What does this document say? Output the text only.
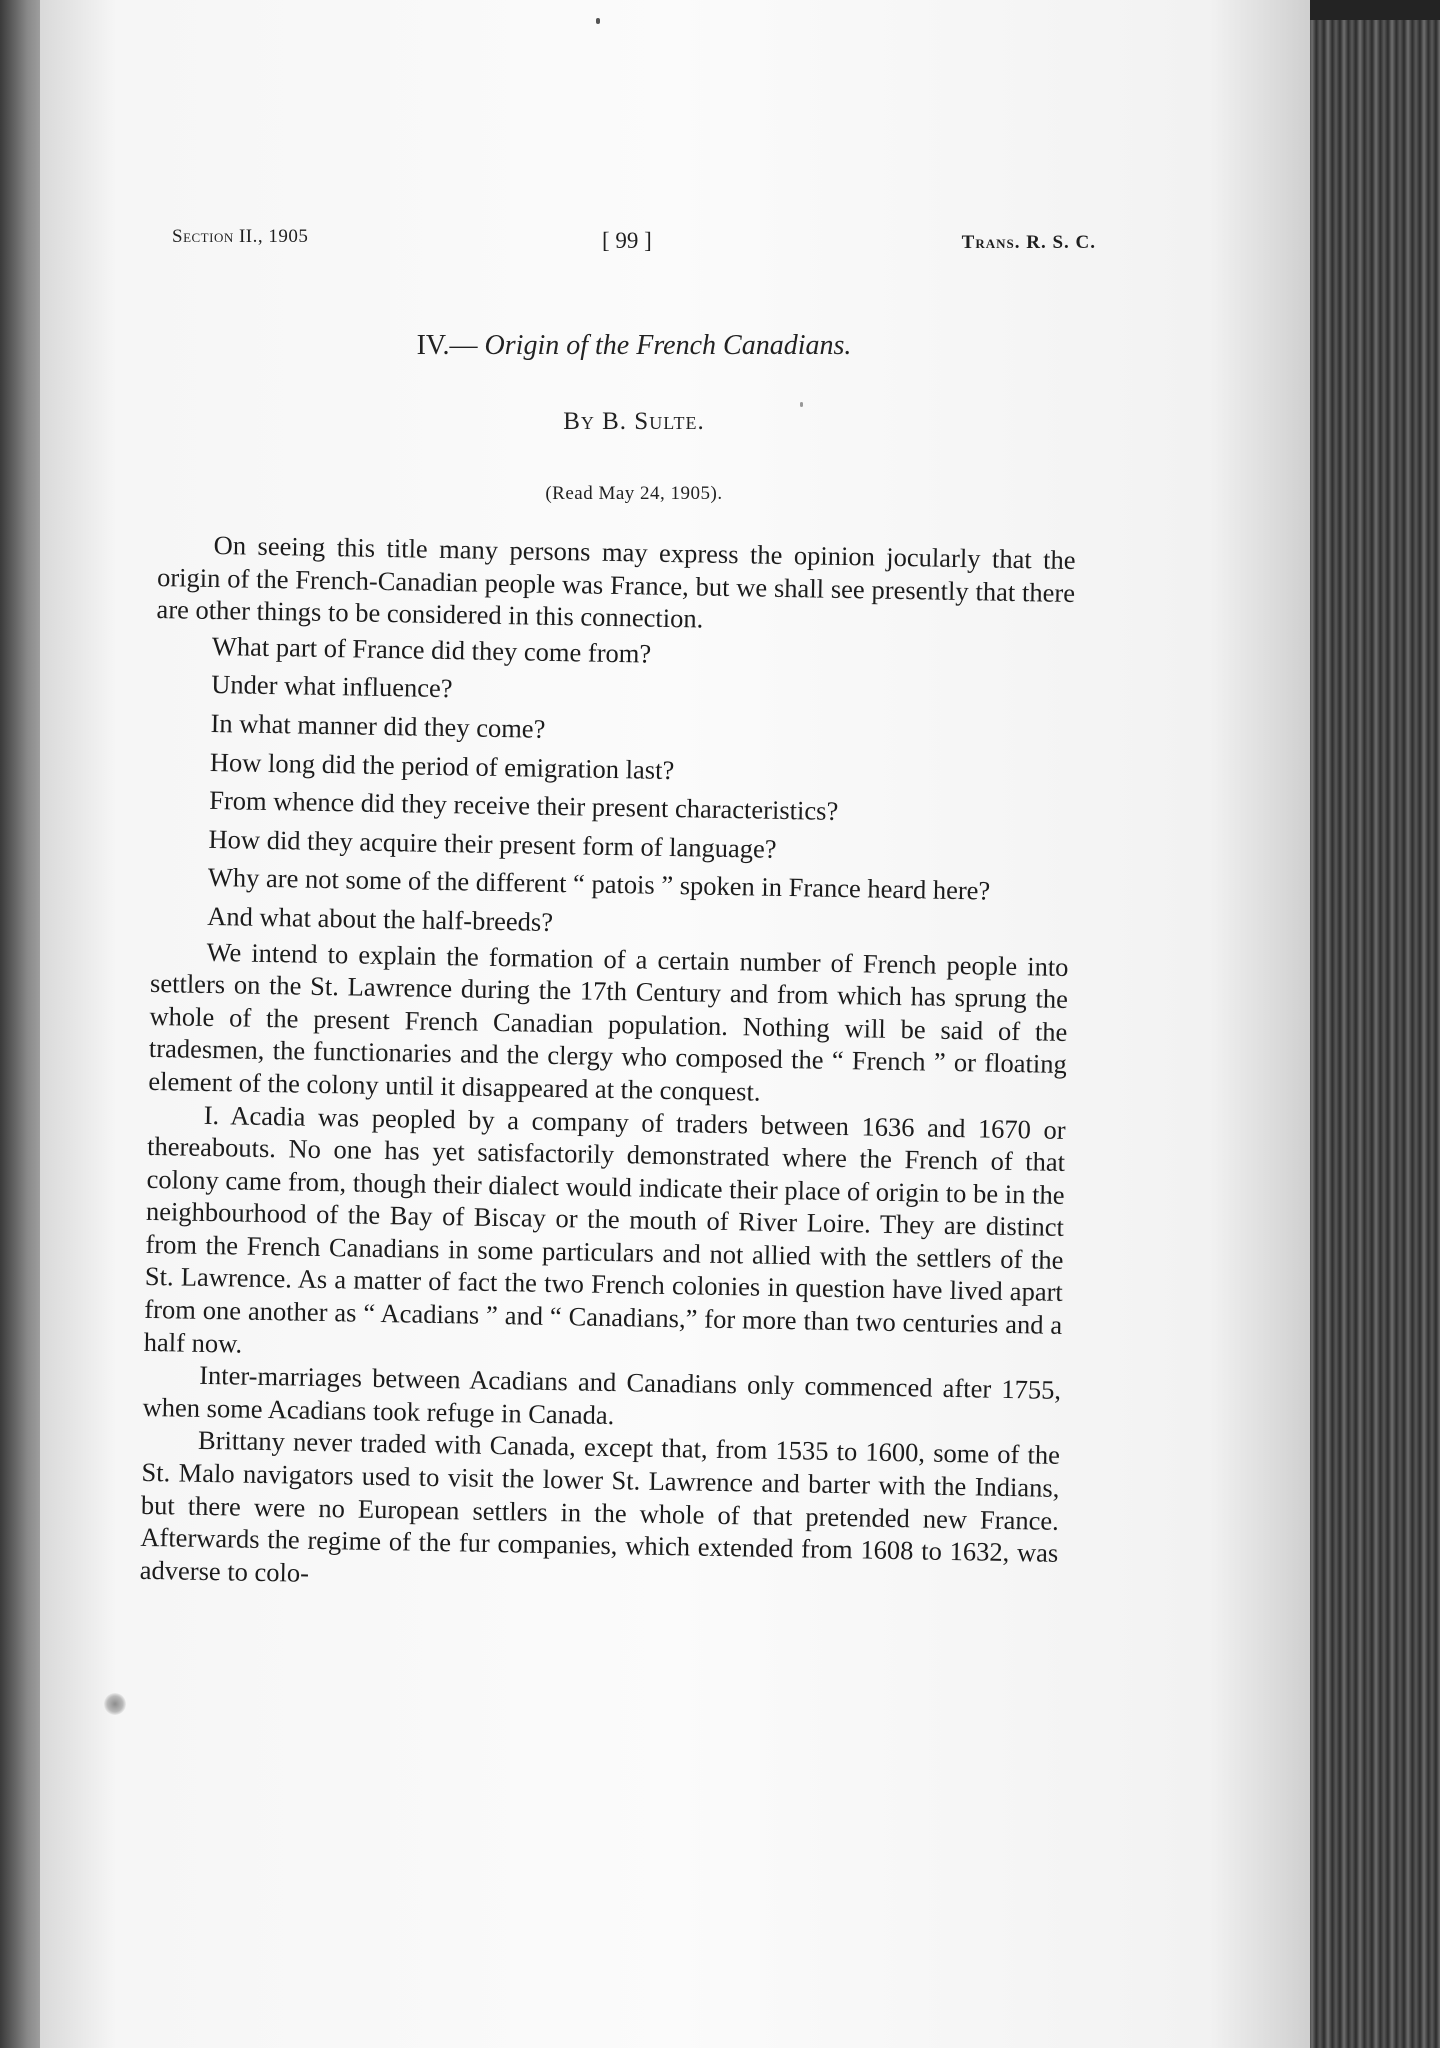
Section II., 1905	[ 99 ]	Trans. R. S. C.
IV.— Origin of the French Canadians.
By B. Sulte.
(Read May 24, 1905).

On seeing this title many persons may express the opinion jocularly that the origin of the French-Canadian people was France, but we shall see presently that there are other things to be considered in this connection.

What part of France did they come from?

Under what influence?

In what manner did they come?

How long did the period of emigration last?

From whence did they receive their present characteristics?

How did they acquire their present form of language?

Why are not some of the different “ patois ” spoken in France heard here?

And what about the half-breeds?

We intend to explain the formation of a certain number of French people into settlers on the St. Lawrence during the 17th Century and from which has sprung the whole of the present French Canadian population. Nothing will be said of the tradesmen, the functionaries and the clergy who composed the “ French ” or floating element of the colony until it disappeared at the conquest.

I. Acadia was peopled by a company of traders between 1636 and 1670 or thereabouts. No one has yet satisfactorily demonstrated where the French of that colony came from, though their dialect would indicate their place of origin to be in the neighbourhood of the Bay of Biscay or the mouth of River Loire. They are distinct from the French Canadians in some particulars and not allied with the settlers of the St. Lawrence. As a matter of fact the two French colonies in question have lived apart from one another as “ Acadians ” and “ Canadians,” for more than two centuries and a half now.

Inter-marriages between Acadians and Canadians only commenced after 1755, when some Acadians took refuge in Canada.

Brittany never traded with Canada, except that, from 1535 to 1600, some of the St. Malo navigators used to visit the lower St. Lawrence and barter with the Indians, but there were no European settlers in the whole of that pretended new France. Afterwards the regime of the fur companies, which extended from 1608 to 1632, was adverse to colo-
